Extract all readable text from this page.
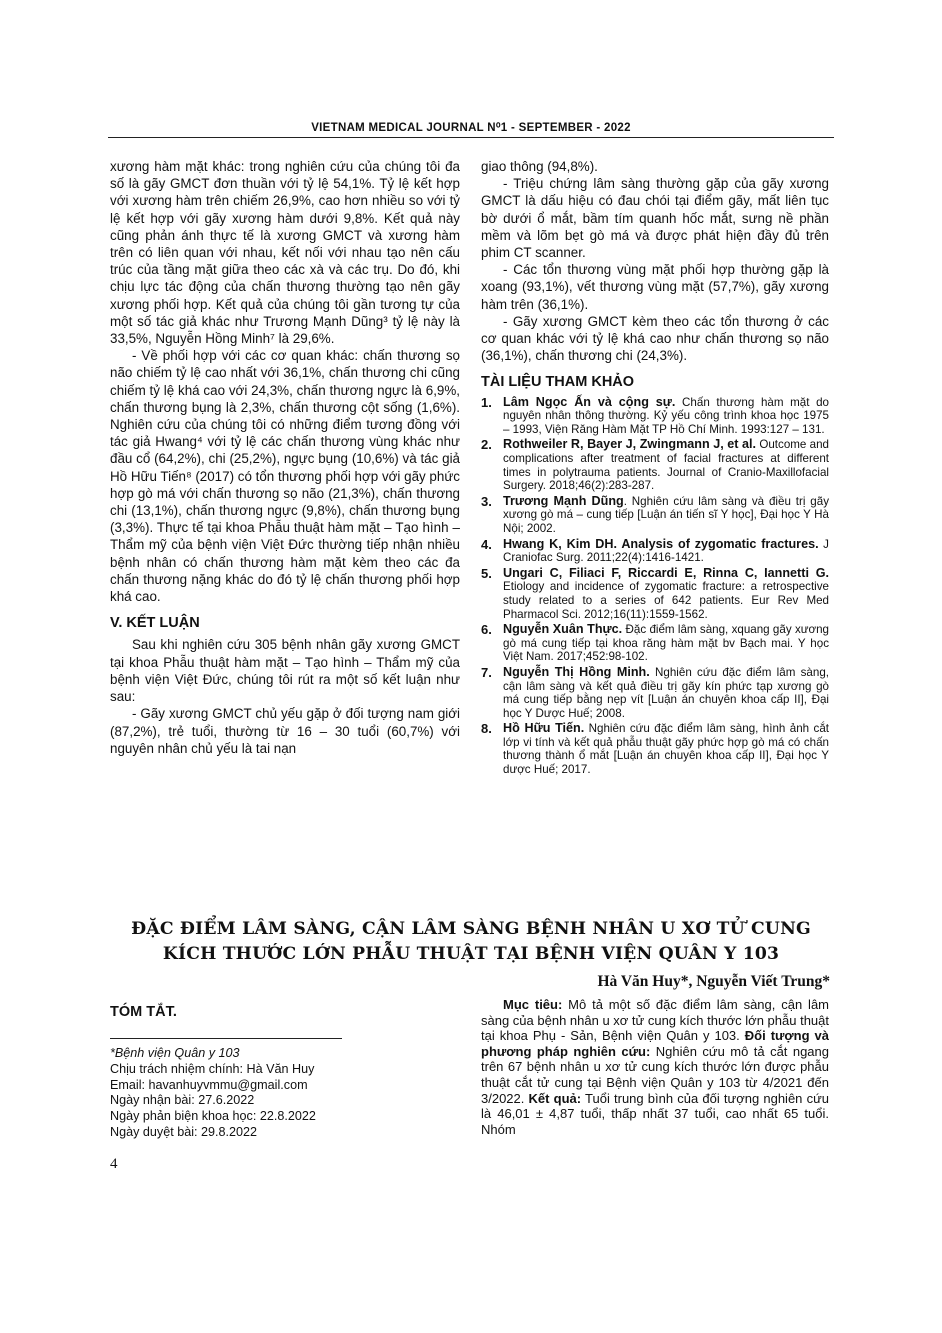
VIETNAM MEDICAL JOURNAL N⁰1 - SEPTEMBER - 2022

xương hàm mặt khác: trong nghiên cứu của chúng tôi đa số là gãy GMCT đơn thuần với tỷ lệ 54,1%. Tỷ lệ kết hợp với xương hàm trên chiếm 26,9%, cao hơn nhiều so với tỷ lệ kết hợp với gãy xương hàm dưới 9,8%. Kết quả này cũng phản ánh thực tế là xương GMCT và xương hàm trên có liên quan với nhau, kết nối với nhau tạo nên cấu trúc của tầng mặt giữa theo các xà và các trụ. Do đó, khi chịu lực tác động của chấn thương thường tạo nên gãy xương phối hợp. Kết quả của chúng tôi gần tương tự của một số tác giả khác như Trương Mạnh Dũng³ tỷ lệ này là 33,5%, Nguyễn Hồng Minh⁷ là 29,6%.

- Về phối hợp với các cơ quan khác: chấn thương sọ não chiếm tỷ lệ cao nhất với 36,1%, chấn thương chi cũng chiếm tỷ lệ khá cao với 24,3%, chấn thương ngực là 6,9%, chấn thương bụng là 2,3%, chấn thương cột sống (1,6%). Nghiên cứu của chúng tôi có những điểm tương đồng với tác giả Hwang⁴ với tỷ lệ các chấn thương vùng khác như đầu cổ (64,2%), chi (25,2%), ngực bụng (10,6%) và tác giả Hồ Hữu Tiến⁸ (2017) có tổn thương phối hợp với gãy phức hợp gò má với chấn thương sọ não (21,3%), chấn thương chi (13,1%), chấn thương ngực (9,8%), chấn thương bụng (3,3%). Thực tế tại khoa Phẫu thuật hàm mặt – Tạo hình – Thẩm mỹ của bệnh viện Việt Đức thường tiếp nhận nhiều bệnh nhân có chấn thương hàm mặt kèm theo các đa chấn thương nặng khác do đó tỷ lệ chấn thương phối hợp khá cao.

V. KẾT LUẬN

Sau khi nghiên cứu 305 bệnh nhân gãy xương GMCT tại khoa Phẫu thuật hàm mặt – Tạo hình – Thẩm mỹ của bệnh viện Việt Đức, chúng tôi rút ra một số kết luận như sau:

- Gãy xương GMCT chủ yếu gặp ở đối tượng nam giới (87,2%), trẻ tuổi, thường từ 16 – 30 tuổi (60,7%) với nguyên nhân chủ yếu là tai nạn

giao thông (94,8%).

- Triệu chứng lâm sàng thường gặp của gãy xương GMCT là dấu hiệu có đau chói tại điểm gãy, mất liên tục bờ dưới ổ mắt, bầm tím quanh hốc mắt, sưng nề phần mềm và lõm bẹt gò má và được phát hiện đầy đủ trên phim CT scanner.

- Các tổn thương vùng mặt phối hợp thường gặp là xoang (93,1%), vết thương vùng mặt (57,7%), gãy xương hàm trên (36,1%).

- Gãy xương GMCT kèm theo các tổn thương ở các cơ quan khác với tỷ lệ khá cao như chấn thương sọ não (36,1%), chấn thương chi (24,3%).

TÀI LIỆU THAM KHẢO

1. Lâm Ngọc Ấn và cộng sự. Chấn thương hàm mặt do nguyên nhân thông thường. Kỷ yếu công trình khoa học 1975 – 1993, Viện Răng Hàm Mặt TP Hồ Chí Minh. 1993:127 – 131.
2. Rothweiler R, Bayer J, Zwingmann J, et al. Outcome and complications after treatment of facial fractures at different times in polytrauma patients. Journal of Cranio-Maxillofacial Surgery. 2018;46(2):283-287.
3. Trương Mạnh Dũng. Nghiên cứu lâm sàng và điều trị gãy xương gò má – cung tiếp [Luận án tiến sĩ Y học], Đại học Y Hà Nội; 2002.
4. Hwang K, Kim DH. Analysis of zygomatic fractures. J Craniofac Surg. 2011;22(4):1416-1421.
5. Ungari C, Filiaci F, Riccardi E, Rinna C, Iannetti G. Etiology and incidence of zygomatic fracture: a retrospective study related to a series of 642 patients. Eur Rev Med Pharmacol Sci. 2012;16(11):1559-1562.
6. Nguyễn Xuân Thực. Đặc điểm lâm sàng, xquang gãy xương gò má cung tiếp tại khoa răng hàm mặt bv Bạch mai. Y học Việt Nam. 2017;452:98-102.
7. Nguyễn Thị Hồng Minh. Nghiên cứu đặc điểm lâm sàng, cận lâm sàng và kết quả điều trị gãy kín phức tạp xương gò má cung tiếp bằng nẹp vít [Luận án chuyên khoa cấp II], Đại học Y Dược Huế; 2008.
8. Hồ Hữu Tiến. Nghiên cứu đặc điểm lâm sàng, hình ảnh cắt lớp vi tính và kết quả phẫu thuật gãy phức hợp gò má có chấn thương thành ổ mắt [Luận án chuyên khoa cấp II], Đại học Y dược Huế; 2017.
ĐẶC ĐIỂM LÂM SÀNG, CẬN LÂM SÀNG BỆNH NHÂN U XƠ TỬ CUNG
KÍCH THƯỚC LỚN PHẪU THUẬT TẠI BỆNH VIỆN QUÂN Y 103
Hà Văn Huy*, Nguyễn Viết Trung*
TÓM TẮT.
*Bệnh viện Quân y 103
Chịu trách nhiệm chính: Hà Văn Huy
Email: havanhuyvmmu@gmail.com
Ngày nhận bài: 27.6.2022
Ngày phản biện khoa học: 22.8.2022
Ngày duyệt bài: 29.8.2022
Mục tiêu: Mô tả một số đặc điểm lâm sàng, cận lâm sàng của bệnh nhân u xơ tử cung kích thước lớn phẫu thuật tại khoa Phụ - Sản, Bệnh viện Quân y 103. Đối tượng và phương pháp nghiên cứu: Nghiên cứu mô tả cắt ngang trên 67 bệnh nhân u xơ tử cung kích thước lớn được phẫu thuật cắt tử cung tại Bệnh viện Quân y 103 từ 4/2021 đến 3/2022. Kết quả: Tuổi trung bình của đối tượng nghiên cứu là 46,01 ± 4,87 tuổi, thấp nhất 37 tuổi, cao nhất 65 tuổi. Nhóm
4
